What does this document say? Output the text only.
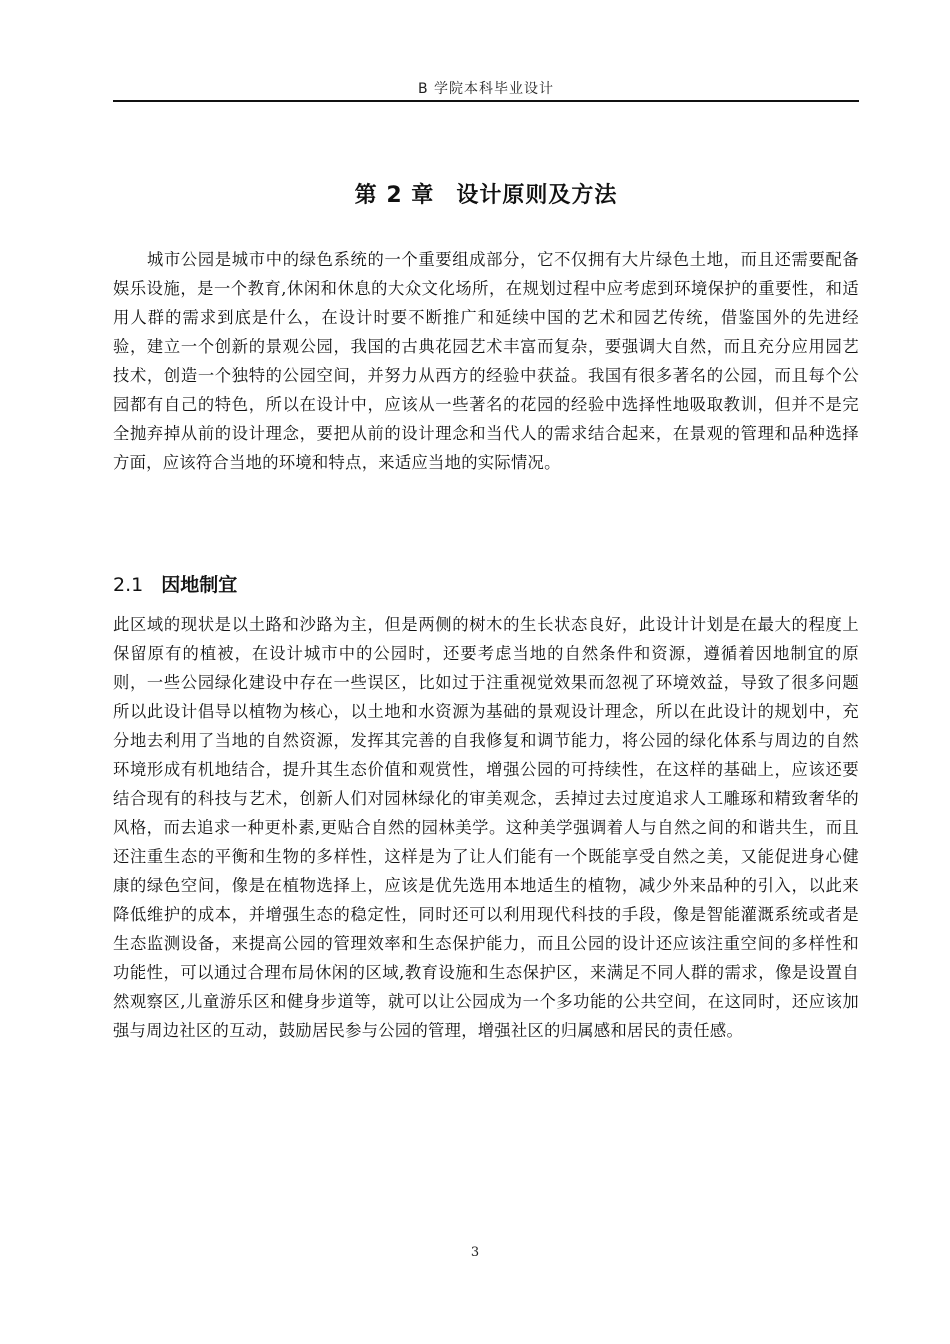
B 学院本科毕业设计
第 2 章 设计原则及方法

城市公园是城市中的绿色系统的一个重要组成部分，它不仅拥有大片绿色土地，而且还需要配备娱乐设施，是一个教育,休闲和休息的大众文化场所，在规划过程中应考虑到环境保护的重要性，和适用人群的需求到底是什么，在设计时要不断推广和延续中国的艺术和园艺传统，借鉴国外的先进经验，建立一个创新的景观公园，我国的古典花园艺术丰富而复杂，要强调大自然，而且充分应用园艺技术，创造一个独特的公园空间，并努力从西方的经验中获益。我国有很多著名的公园，而且每个公园都有自己的特色，所以在设计中，应该从一些著名的花园的经验中选择性地吸取教训，但并不是完全抛弃掉从前的设计理念，要把从前的设计理念和当代人的需求结合起来，在景观的管理和品种选择方面，应该符合当地的环境和特点，来适应当地的实际情况。

2.1 因地制宜

此区域的现状是以土路和沙路为主，但是两侧的树木的生长状态良好，此设计计划是在最大的程度上保留原有的植被，在设计城市中的公园时，还要考虑当地的自然条件和资源，遵循着因地制宜的原则，一些公园绿化建设中存在一些误区，比如过于注重视觉效果而忽视了环境效益，导致了很多问题所以此设计倡导以植物为核心，以土地和水资源为基础的景观设计理念，所以在此设计的规划中，充分地去利用了当地的自然资源，发挥其完善的自我修复和调节能力，将公园的绿化体系与周边的自然环境形成有机地结合，提升其生态价值和观赏性，增强公园的可持续性，在这样的基础上，应该还要结合现有的科技与艺术，创新人们对园林绿化的审美观念，丢掉过去过度追求人工雕琢和精致奢华的风格，而去追求一种更朴素,更贴合自然的园林美学。这种美学强调着人与自然之间的和谐共生，而且还注重生态的平衡和生物的多样性，这样是为了让人们能有一个既能享受自然之美，又能促进身心健康的绿色空间，像是在植物选择上，应该是优先选用本地适生的植物，减少外来品种的引入，以此来降低维护的成本，并增强生态的稳定性，同时还可以利用现代科技的手段，像是智能灌溉系统或者是生态监测设备，来提高公园的管理效率和生态保护能力，而且公园的设计还应该注重空间的多样性和功能性，可以通过合理布局休闲的区域,教育设施和生态保护区，来满足不同人群的需求，像是设置自然观察区,儿童游乐区和健身步道等，就可以让公园成为一个多功能的公共空间，在这同时，还应该加强与周边社区的互动，鼓励居民参与公园的管理，增强社区的归属感和居民的责任感。

3
